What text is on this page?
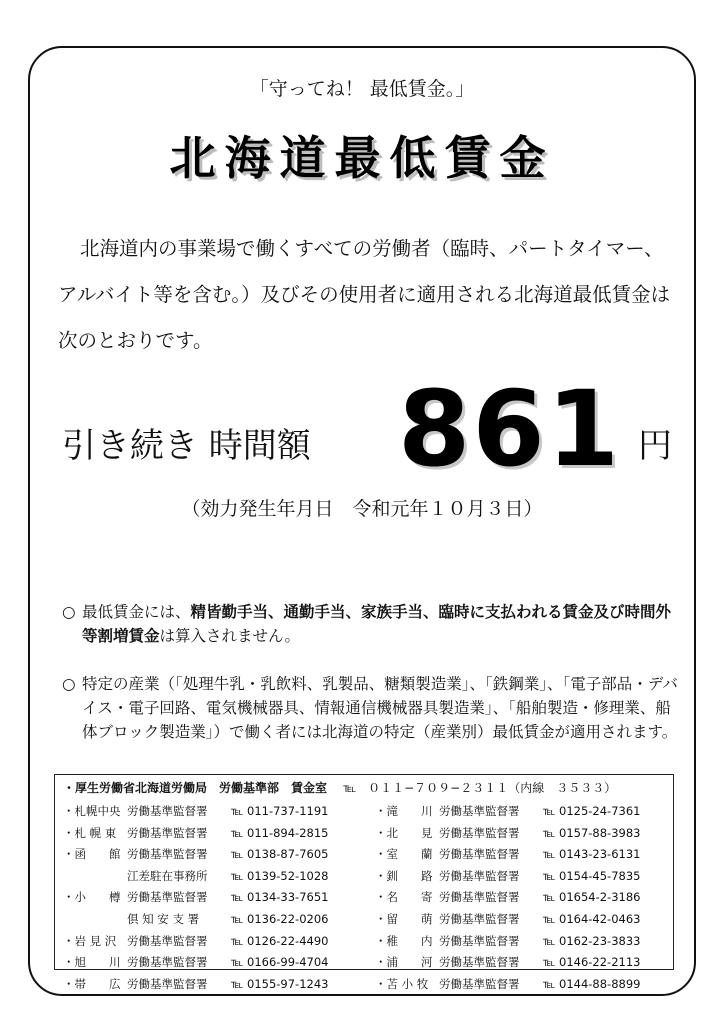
「守ってね！ 最低賃金。」
北海道最低賃金

北海道内の事業場で働くすべての労働者（臨時、パートタイマー、アルバイト等を含む。）及びその使用者に適用される北海道最低賃金は次のとおりです。

引き続き 時間額 861 円
（効力発生年月日　令和元年１０月３日）
○ 最低賃金には、精皆勤手当、通勤手当、家族手当、臨時に支払われる賃金及び時間外等割増賃金は算入されません。
○ 特定の産業（「処理牛乳・乳飲料、乳製品、糖類製造業」、「鉄鋼業」、「電子部品・デバイス・電子回路、電気機械器具、情報通信機械器具製造業」、「船舶製造・修理業、船体ブロック製造業」）で働く者には北海道の特定（産業別）最低賃金が適用されます。
・厚生労働省北海道労働局　労働基準部　賃金室　 ℡　０１１−７０９−２３１１（内線　３５３３）
・札幌中央 労働基準監督署 ℡ 011-737-1191
・札 幌 東 労働基準監督署 ℡ 011-894-2815
・函　　館 労働基準監督署 ℡ 0138-87-7605
江差駐在事務所 ℡ 0139-52-1028
・小　　樽 労働基準監督署 ℡ 0134-33-7651
倶 知 安 支 署	℡ 0136-22-0206
・岩 見 沢 労働基準監督署 ℡ 0126-22-4490
・旭　　川 労働基準監督署 ℡ 0166-99-4704
・帯　　広 労働基準監督署 ℡ 0155-97-1243
・滝　　川 労働基準監督署 ℡ 0125-24-7361
・北　　見 労働基準監督署 ℡ 0157-88-3983
・室　　蘭 労働基準監督署 ℡ 0143-23-6131
・釧　　路 労働基準監督署 ℡ 0154-45-7835
・名　　寄 労働基準監督署 ℡ 01654-2-3186
・留　　萌 労働基準監督署 ℡ 0164-42-0463
・稚　　内 労働基準監督署 ℡ 0162-23-3833
・浦　　河 労働基準監督署 ℡ 0146-22-2113
・苫 小 牧 労働基準監督署 ℡ 0144-88-8899
